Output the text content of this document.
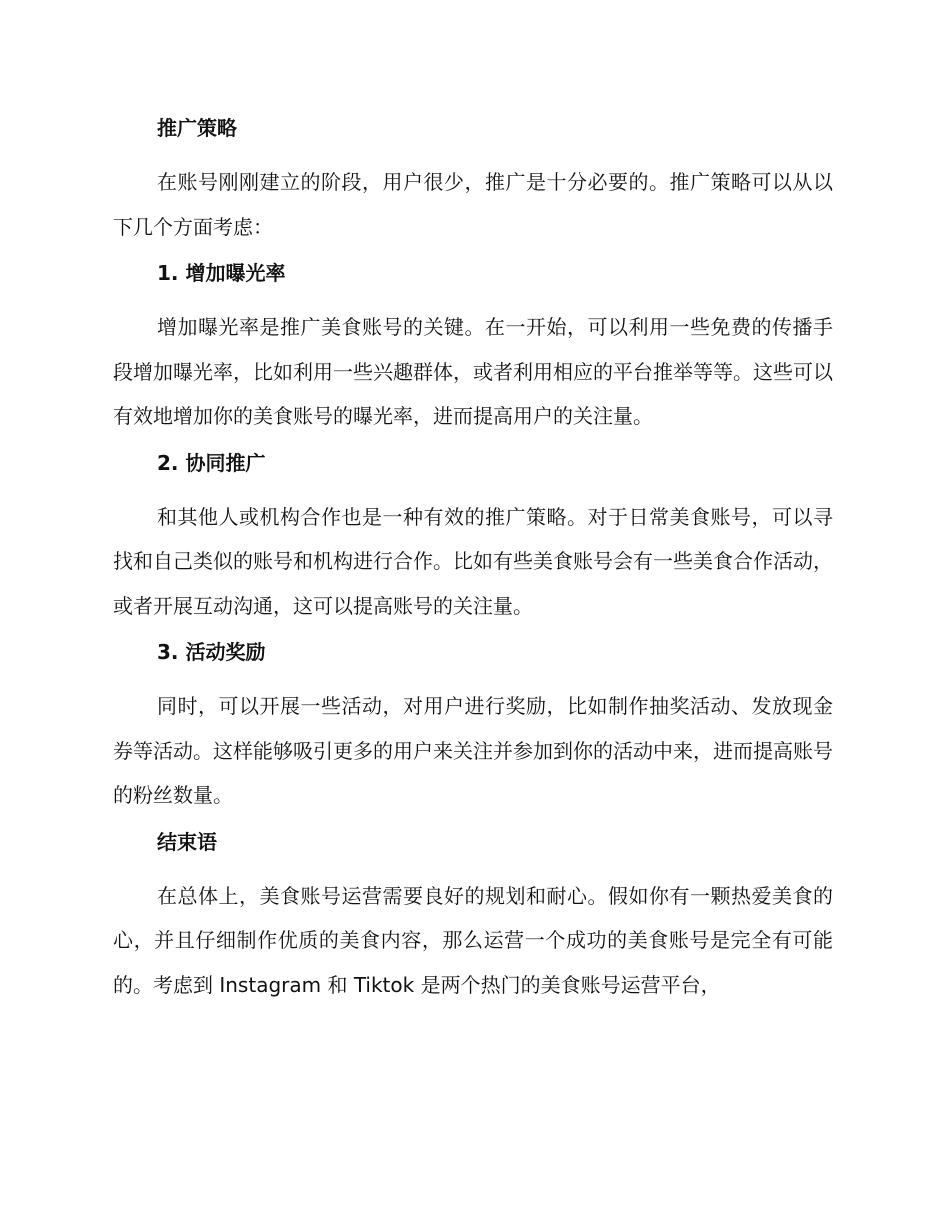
推广策略

在账号刚刚建立的阶段，用户很少，推广是十分必要的。推广策略可以从以下几个方面考虑：

1. 增加曝光率

增加曝光率是推广美食账号的关键。在一开始，可以利用一些免费的传播手段增加曝光率，比如利用一些兴趣群体，或者利用相应的平台推举等等。这些可以有效地增加你的美食账号的曝光率，进而提高用户的关注量。

2. 协同推广

和其他人或机构合作也是一种有效的推广策略。对于日常美食账号，可以寻找和自己类似的账号和机构进行合作。比如有些美食账号会有一些美食合作活动，或者开展互动沟通，这可以提高账号的关注量。

3. 活动奖励

同时，可以开展一些活动，对用户进行奖励，比如制作抽奖活动、发放现金券等活动。这样能够吸引更多的用户来关注并参加到你的活动中来，进而提高账号的粉丝数量。

结束语

在总体上，美食账号运营需要良好的规划和耐心。假如你有一颗热爱美食的心，并且仔细制作优质的美食内容，那么运营一个成功的美食账号是完全有可能的。考虑到 Instagram 和 Tiktok 是两个热门的美食账号运营平台，
